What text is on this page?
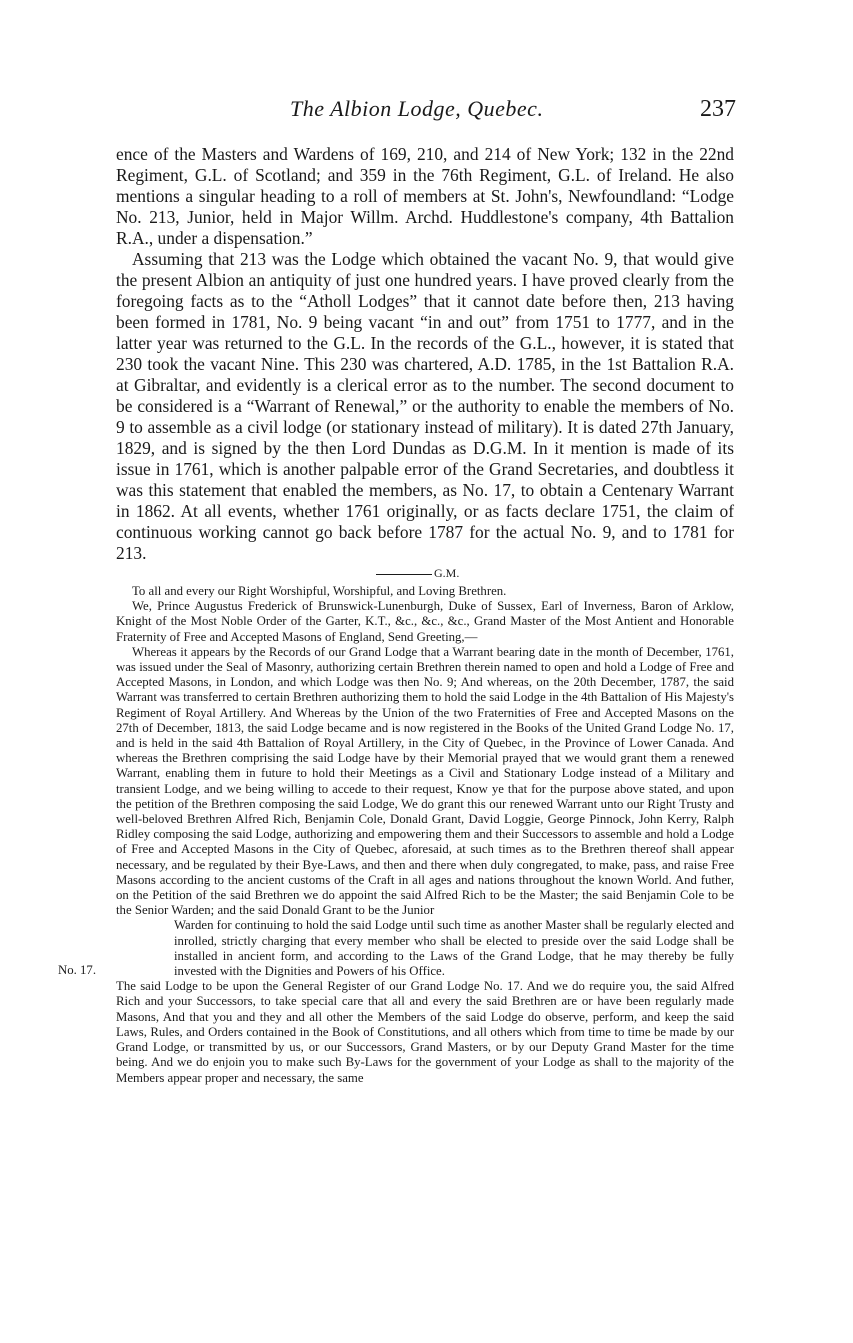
The Albion Lodge, Quebec.	237

ence of the Masters and Wardens of 169, 210, and 214 of New York; 132 in the 22nd Regiment, G.L. of Scotland; and 359 in the 76th Regiment, G.L. of Ireland. He also mentions a singular heading to a roll of members at St. John's, Newfoundland: “Lodge No. 213, Junior, held in Major Willm. Archd. Huddlestone's company, 4th Battalion R.A., under a dispensation.”

Assuming that 213 was the Lodge which obtained the vacant No. 9, that would give the present Albion an antiquity of just one hundred years. I have proved clearly from the foregoing facts as to the “Atholl Lodges” that it cannot date before then, 213 having been formed in 1781, No. 9 being vacant “in and out” from 1751 to 1777, and in the latter year was returned to the G.L. In the records of the G.L., however, it is stated that 230 took the vacant Nine. This 230 was chartered, A.D. 1785, in the 1st Battalion R.A. at Gibraltar, and evidently is a clerical error as to the number. The second document to be considered is a “Warrant of Renewal,” or the authority to enable the members of No. 9 to assemble as a civil lodge (or stationary instead of military). It is dated 27th January, 1829, and is signed by the then Lord Dundas as D.G.M. In it mention is made of its issue in 1761, which is another palpable error of the Grand Secretaries, and doubtless it was this statement that enabled the members, as No. 17, to obtain a Centenary Warrant in 1862. At all events, whether 1761 originally, or as facts declare 1751, the claim of continuous working cannot go back before 1787 for the actual No. 9, and to 1781 for 213.

G.M.

To all and every our Right Worshipful, Worshipful, and Loving Brethren.

We, Prince Augustus Frederick of Brunswick-Lunenburgh, Duke of Sussex, Earl of Inverness, Baron of Arklow, Knight of the Most Noble Order of the Garter, K.T., &c., &c., &c., Grand Master of the Most Antient and Honorable Fraternity of Free and Accepted Masons of England, Send Greeting,—

Whereas it appears by the Records of our Grand Lodge that a Warrant bearing date in the month of December, 1761, was issued under the Seal of Masonry, authorizing certain Brethren therein named to open and hold a Lodge of Free and Accepted Masons, in London, and which Lodge was then No. 9; And whereas, on the 20th December, 1787, the said Warrant was transferred to certain Brethren authorizing them to hold the said Lodge in the 4th Battalion of His Majesty's Regiment of Royal Artillery. And Whereas by the Union of the two Fraternities of Free and Accepted Masons on the 27th of December, 1813, the said Lodge became and is now registered in the Books of the United Grand Lodge No. 17, and is held in the said 4th Battalion of Royal Artillery, in the City of Quebec, in the Province of Lower Canada. And whereas the Brethren comprising the said Lodge have by their Memorial prayed that we would grant them a renewed Warrant, enabling them in future to hold their Meetings as a Civil and Stationary Lodge instead of a Military and transient Lodge, and we being willing to accede to their request, Know ye that for the purpose above stated, and upon the petition of the Brethren composing the said Lodge, We do grant this our renewed Warrant unto our Right Trusty and well-beloved Brethren Alfred Rich, Benjamin Cole, Donald Grant, David Loggie, George Pinnock, John Kerry, Ralph Ridley composing the said Lodge, authorizing and empowering them and their Successors to assemble and hold a Lodge of Free and Accepted Masons in the City of Quebec, aforesaid, at such times as to the Brethren thereof shall appear necessary, and be regulated by their Bye-Laws, and then and there when duly congregated, to make, pass, and raise Free Masons according to the ancient customs of the Craft in all ages and nations throughout the known World. And futher, on the Petition of the said Brethren we do appoint the said Alfred Rich to be the Master; the said Benjamin Cole to be the Senior Warden; and the said Donald Grant to be the Junior

No. 17.

Warden for continuing to hold the said Lodge until such time as another Master shall be regularly elected and inrolled, strictly charging that every member who shall be elected to preside over the said Lodge shall be installed in ancient form, and according to the Laws of the Grand Lodge, that he may thereby be fully invested with the Dignities and Powers of his Office.

The said Lodge to be upon the General Register of our Grand Lodge No. 17. And we do require you, the said Alfred Rich and your Successors, to take special care that all and every the said Brethren are or have been regularly made Masons, And that you and they and all other the Members of the said Lodge do observe, perform, and keep the said Laws, Rules, and Orders contained in the Book of Constitutions, and all others which from time to time be made by our Grand Lodge, or transmitted by us, or our Successors, Grand Masters, or by our Deputy Grand Master for the time being. And we do enjoin you to make such By-Laws for the government of your Lodge as shall to the majority of the Members appear proper and necessary, the same
